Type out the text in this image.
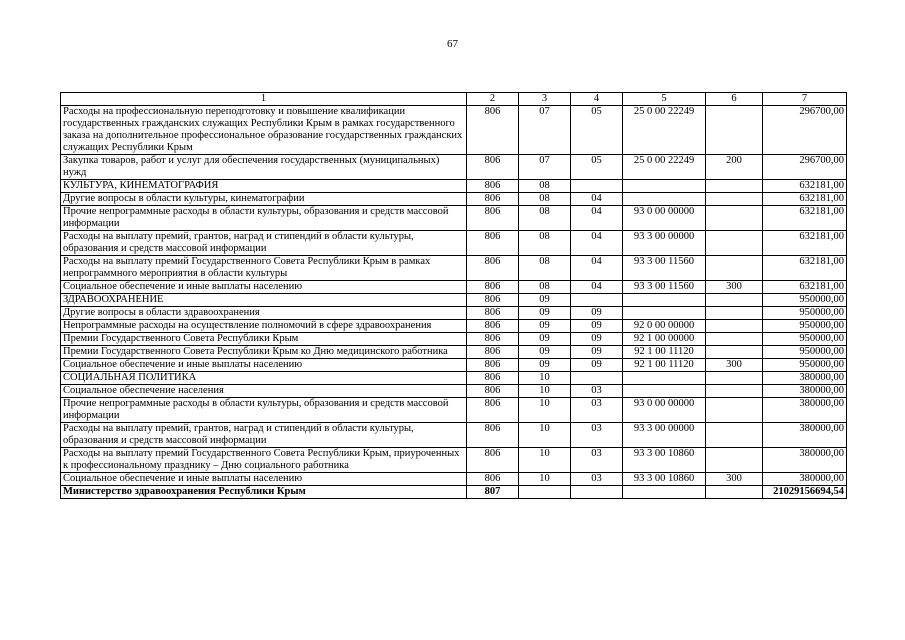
67
1	2	3	4	5	6	7
Расходы на профессиональную переподготовку и повышение квалификации государственных гражданских служащих Республики Крым в рамках государственного заказа на дополнительное профессиональное образование государственных гражданских служащих Республики Крым	806	07	05	25 0 00 22249		296700,00
Закупка товаров, работ и услуг для обеспечения государственных (муниципальных) нужд	806	07	05	25 0 00 22249	200	296700,00
КУЛЬТУРА, КИНЕМАТОГРАФИЯ	806	08				632181,00
Другие вопросы в области культуры, кинематографии	806	08	04			632181,00
Прочие непрограммные расходы в области культуры, образования и средств массовой информации	806	08	04	93 0 00 00000		632181,00
Расходы на выплату премий, грантов, наград и стипендий в области культуры, образования и средств массовой информации	806	08	04	93 3 00 00000		632181,00
Расходы на выплату премий Государственного Совета Республики Крым в рамках непрограммного мероприятия в области культуры	806	08	04	93 3 00 11560		632181,00
Социальное обеспечение и иные выплаты населению	806	08	04	93 3 00 11560	300	632181,00
ЗДРАВООХРАНЕНИЕ	806	09				950000,00
Другие вопросы в области здравоохранения	806	09	09			950000,00
Непрограммные расходы на осуществление полномочий в сфере здравоохранения	806	09	09	92 0 00 00000		950000,00
Премии Государственного Совета Республики Крым	806	09	09	92 1 00 00000		950000,00
Премии Государственного Совета Республики Крым ко Дню медицинского работника	806	09	09	92 1 00 11120		950000,00
Социальное обеспечение и иные выплаты населению	806	09	09	92 1 00 11120	300	950000,00
СОЦИАЛЬНАЯ ПОЛИТИКА	806	10				380000,00
Социальное обеспечение населения	806	10	03			380000,00
Прочие непрограммные расходы в области культуры, образования и средств массовой информации	806	10	03	93 0 00 00000		380000,00
Расходы на выплату премий, грантов, наград и стипендий в области культуры, образования и средств массовой информации	806	10	03	93 3 00 00000		380000,00
Расходы на выплату премий Государственного Совета Республики Крым, приуроченных к профессиональному празднику – Дню социального работника	806	10	03	93 3 00 10860		380000,00
Социальное обеспечение и иные выплаты населению	806	10	03	93 3 00 10860	300	380000,00
Министерство здравоохранения Республики Крым	807					21029156694,54
